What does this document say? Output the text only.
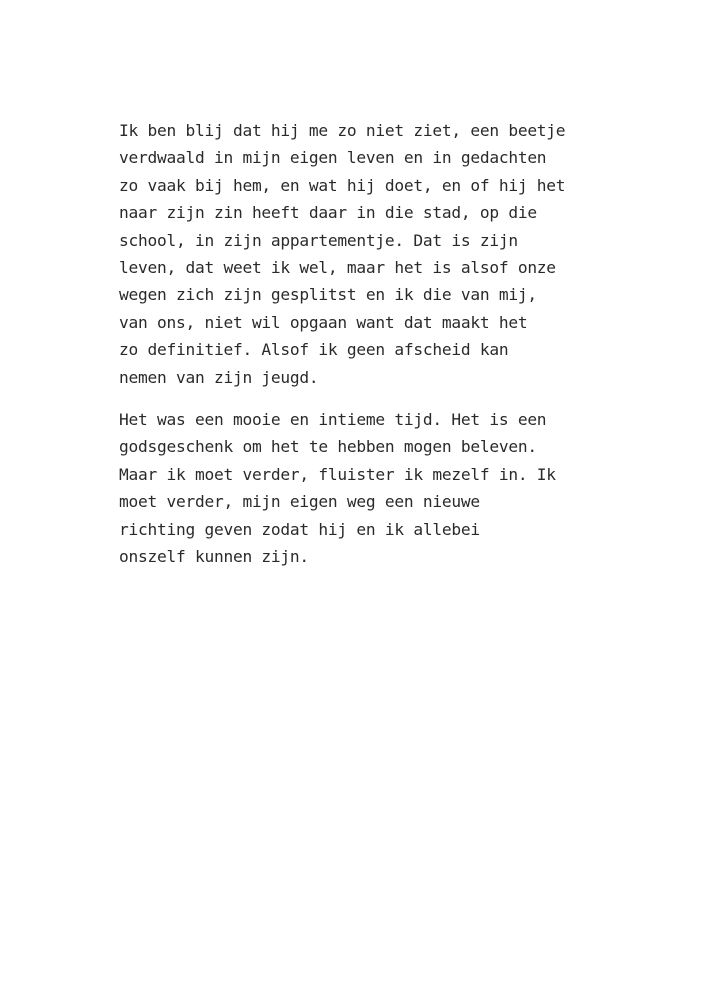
Ik ben blij dat hij me zo niet ziet, een beetje
verdwaald in mijn eigen leven en in gedachten
zo vaak bij hem, en wat hij doet, en of hij het
naar zijn zin heeft daar in die stad, op die
school, in zijn appartementje. Dat is zijn
leven, dat weet ik wel, maar het is alsof onze
wegen zich zijn gesplitst en ik die van mij,
van ons, niet wil opgaan want dat maakt het
zo definitief. Alsof ik geen afscheid kan
nemen van zijn jeugd.

Het was een mooie en intieme tijd. Het is een
godsgeschenk om het te hebben mogen beleven.
Maar ik moet verder, fluister ik mezelf in. Ik
moet verder, mijn eigen weg een nieuwe
richting geven zodat hij en ik allebei
onszelf kunnen zijn.
